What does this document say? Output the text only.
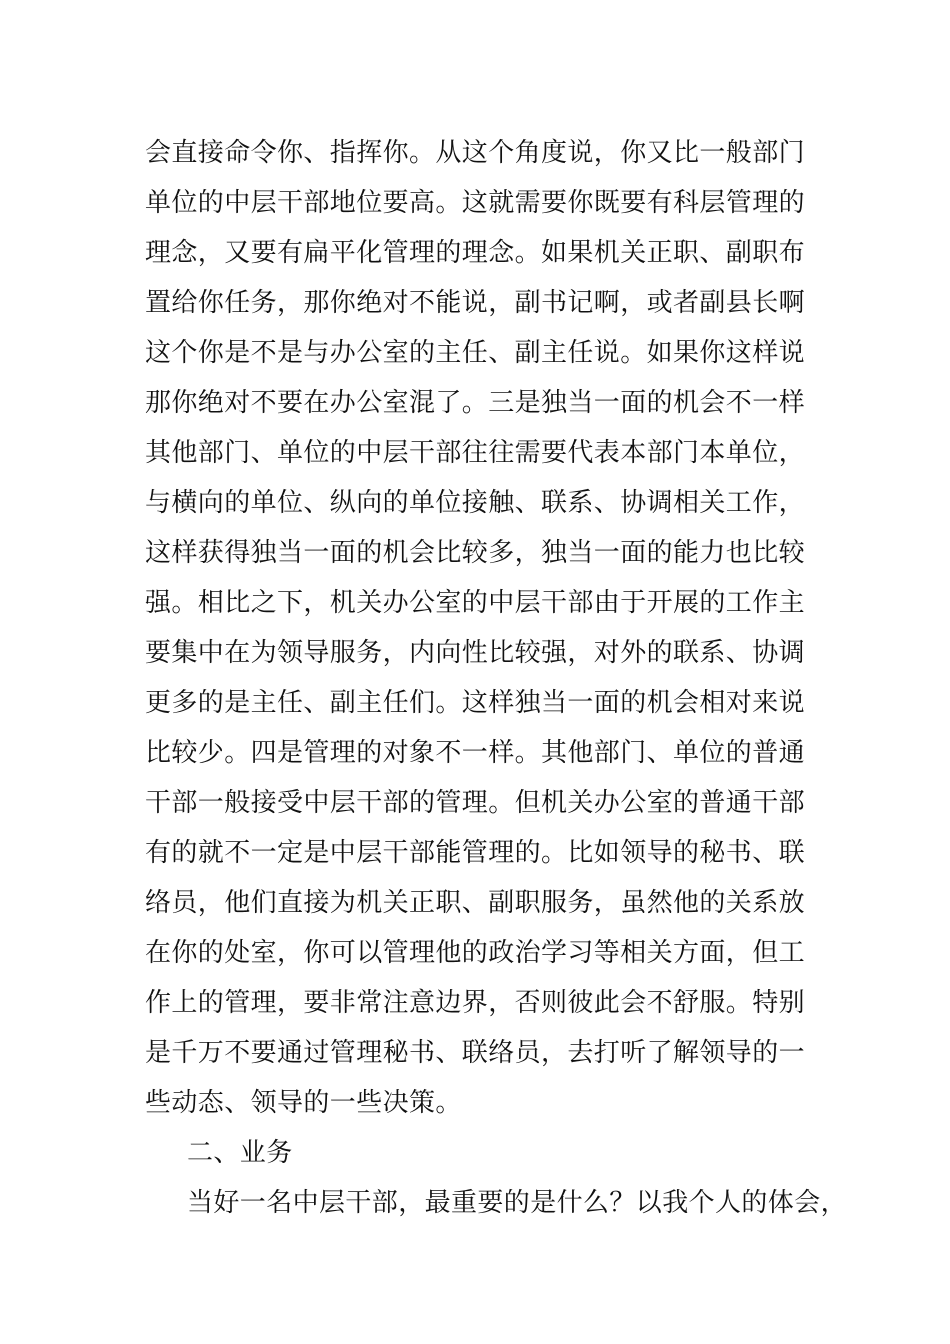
会直接命令你、指挥你。从这个角度说，你又比一般部门
单位的中层干部地位要高。这就需要你既要有科层管理的
理念，又要有扁平化管理的理念。如果机关正职、副职布
置给你任务，那你绝对不能说，副书记啊，或者副县长啊
这个你是不是与办公室的主任、副主任说。如果你这样说
那你绝对不要在办公室混了。三是独当一面的机会不一样
其他部门、单位的中层干部往往需要代表本部门本单位，
与横向的单位、纵向的单位接触、联系、协调相关工作，
这样获得独当一面的机会比较多，独当一面的能力也比较
强。相比之下，机关办公室的中层干部由于开展的工作主
要集中在为领导服务，内向性比较强，对外的联系、协调
更多的是主任、副主任们。这样独当一面的机会相对来说
比较少。四是管理的对象不一样。其他部门、单位的普通
干部一般接受中层干部的管理。但机关办公室的普通干部
有的就不一定是中层干部能管理的。比如领导的秘书、联
络员，他们直接为机关正职、副职服务，虽然他的关系放
在你的处室，你可以管理他的政治学习等相关方面，但工
作上的管理，要非常注意边界，否则彼此会不舒服。特别
是千万不要通过管理秘书、联络员，去打听了解领导的一
些动态、领导的一些决策。
二、业务
当好一名中层干部，最重要的是什么？以我个人的体会，
